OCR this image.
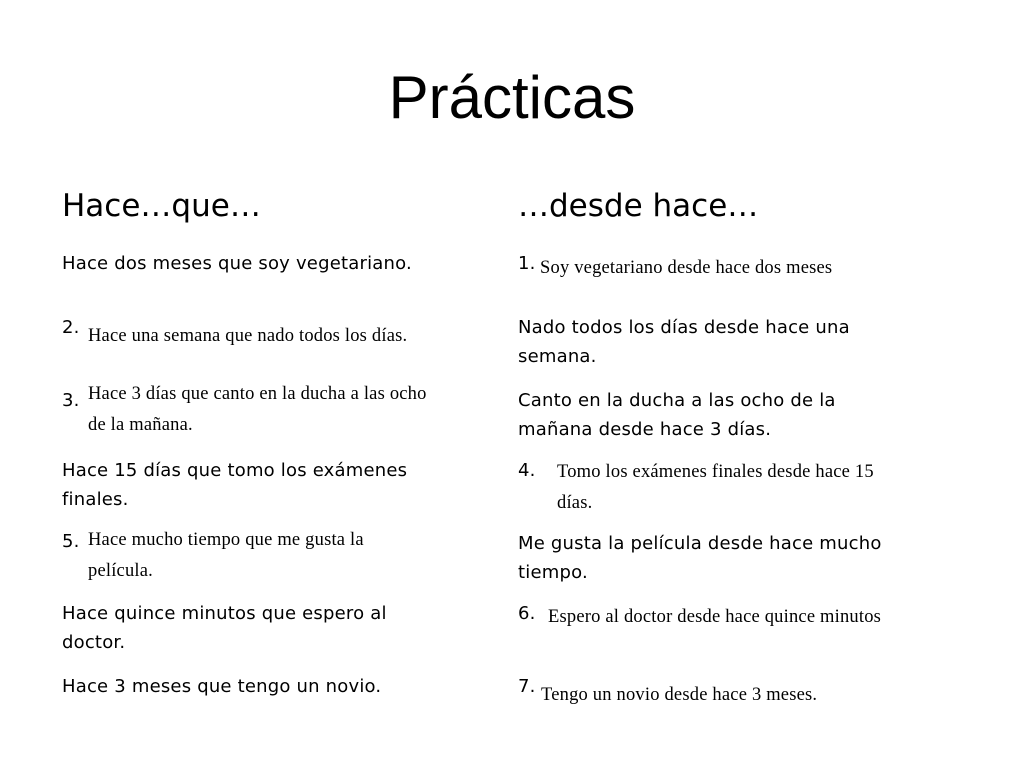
Prácticas
Hace…que…
Hace dos meses que soy vegetariano.
2. Hace una semana que nado todos los días.
3. Hace 3 días que canto en la ducha a las ocho
de la mañana.
Hace 15 días que tomo los exámenes
finales.
5. Hace mucho tiempo que me gusta la
película.
Hace quince minutos que espero al
doctor.
Hace 3 meses que tengo un novio.
…desde hace…
1. Soy vegetariano desde hace dos meses
Nado todos los días desde hace una
semana.
Canto en la ducha a las ocho de la
mañana desde hace 3 días.
4. Tomo los exámenes finales desde hace 15
días.
Me gusta la película desde hace mucho
tiempo.
6. Espero al doctor desde hace quince minutos
7. Tengo un novio desde hace 3 meses.
